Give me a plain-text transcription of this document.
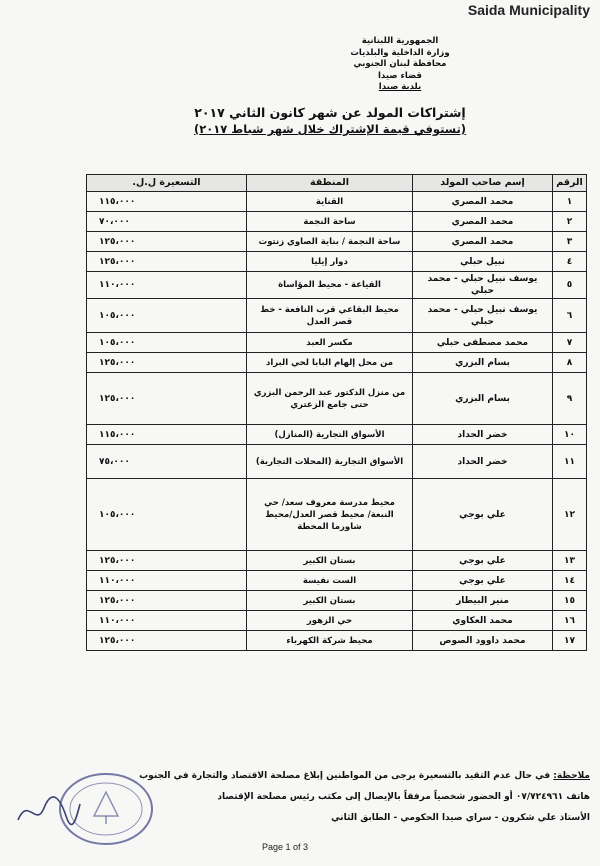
Saida Municipality
الجمهورية اللبنانية
وزارة الداخلية والبلديات
محافظة لبنان الجنوبي
قضاء صيدا
بلدية صيدا
إشتراكات المولد عن شهر كانون الثاني ٢٠١٧
(تستوفي قيمة الإشتراك خلال شهر شباط ٢٠١٧)
الرقم	إسم صاحب المولد	المنطقة	التسعيرة ل.ل.
١	محمد المصري	القناية	١١٥،٠٠٠
٢	محمد المصري	ساحة النجمة	٧٠،٠٠٠
٣	محمد المصري	ساحة النجمة / بناية الصاوي زنتوت	١٢٥،٠٠٠
٤	نبيل حبلي	دوار إيليا	١٢٥،٠٠٠
٥	يوسف نبيل حبلي - محمد حبلي	القياعة - محيط المؤاساة	١١٠،٠٠٠
٦	يوسف نبيل حبلي - محمد حبلي	محيط البقاعي قرب النافعة - خط قصر العدل	١٠٥،٠٠٠
٧	محمد مصطفى حبلي	مكسر العبد	١٠٥،٠٠٠
٨	بسام البزري	من محل إلهام البابا لحي البراد	١٢٥،٠٠٠
٩	بسام البزري	من منزل الدكتور عبد الرحمن البزري حتى جامع الزعتري	١٢٥،٠٠٠
١٠	خضر الحداد	الأسواق التجارية (المنازل)	١١٥،٠٠٠
١١	خضر الحداد	الأسواق التجارية (المحلات التجارية)	٧٥،٠٠٠
١٢	علي بوجي	محيط مدرسة معروف سعد/ حي النبعة/ محيط قصر العدل/محيط شاورما المحطة	١٠٥،٠٠٠
١٣	علي بوجي	بستان الكبير	١٢٥،٠٠٠
١٤	علي بوجي	الست نفيسة	١١٠،٠٠٠
١٥	منير البيطار	بستان الكبير	١٢٥،٠٠٠
١٦	محمد العكاوي	حي الزهور	١١٠،٠٠٠
١٧	محمد داوود الصوص	محيط شركة الكهرباء	١٢٥،٠٠٠
ملاحظة: في حال عدم التقيد بالتسعيرة يرجى من المواطنين إبلاغ مصلحة الاقتصاد والتجارة في الجنوب
هاتف ٠٧/٧٢٤٩٦١ أو الحضور شخصياً مرفقاً بالإيصال إلى مكتب رئيس مصلحة الإقتصاد
الأستاذ علي شكرون - سراي صيدا الحكومي - الطابق الثاني
Page 1 of 3
